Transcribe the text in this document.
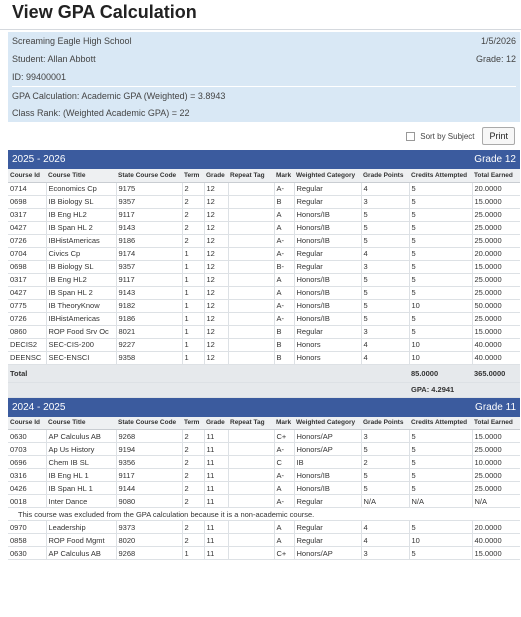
View GPA Calculation
Screaming Eagle High School	1/5/2026
Student: Allan Abbott	Grade: 12
ID: 99400001
GPA Calculation: Academic GPA (Weighted) = 3.8943
Class Rank: (Weighted Academic GPA) = 22
Sort by Subject	Print
2025 - 2026	Grade 12
Course Id	Course Title	State Course Code	Term	Grade	Repeat Tag	Mark	Weighted Category	Grade Points	Credits Attempted	Total Earned
0714	Economics Cp	9175	2	12		A-	Regular	4	5	20.0000
0698	IB Biology SL	9357	2	12		B	Regular	3	5	15.0000
0317	IB Eng HL2	9117	2	12		A	Honors/IB	5	5	25.0000
0427	IB Span HL 2	9143	2	12		A	Honors/IB	5	5	25.0000
0726	IBHistAmericas	9186	2	12		A-	Honors/IB	5	5	25.0000
0704	Civics Cp	9174	1	12		A-	Regular	4	5	20.0000
0698	IB Biology SL	9357	1	12		B-	Regular	3	5	15.0000
0317	IB Eng HL2	9117	1	12		A	Honors/IB	5	5	25.0000
0427	IB Span HL 2	9143	1	12		A	Honors/IB	5	5	25.0000
0775	IB TheoryKnow	9182	1	12		A-	Honors/IB	5	10	50.0000
0726	IBHistAmericas	9186	1	12		A-	Honors/IB	5	5	25.0000
0860	ROP Food Srv Oc	8021	1	12		B	Regular	3	5	15.0000
DECIS2	SEC-CIS-200	9227	1	12		B	Honors	4	10	40.0000
DEENSC	SEC-ENSCI	9358	1	12		B	Honors	4	10	40.0000
Total									85.0000	365.0000
									GPA: 4.2941	
2024 - 2025	Grade 11
Course Id	Course Title	State Course Code	Term	Grade	Repeat Tag	Mark	Weighted Category	Grade Points	Credits Attempted	Total Earned
0630	AP Calculus AB	9268	2	11		C+	Honors/AP	3	5	15.0000
0703	Ap Us History	9194	2	11		A-	Honors/AP	5	5	25.0000
0696	Chem IB SL	9356	2	11		C	IB	2	5	10.0000
0316	IB Eng HL 1	9117	2	11		A-	Honors/IB	5	5	25.0000
0426	IB Span HL 1	9144	2	11		A	Honors/IB	5	5	25.0000
0018	Inter Dance	9080	2	11		A-	Regular	N/A	N/A	N/A
This course was excluded from the GPA calculation because it is a non-academic course.										
0970	Leadership	9373	2	11		A	Regular	4	5	20.0000
0858	ROP Food Mgmt	8020	2	11		A	Regular	4	10	40.0000
0630	AP Calculus AB	9268	1	11		C+	Honors/AP	3	5	15.0000
